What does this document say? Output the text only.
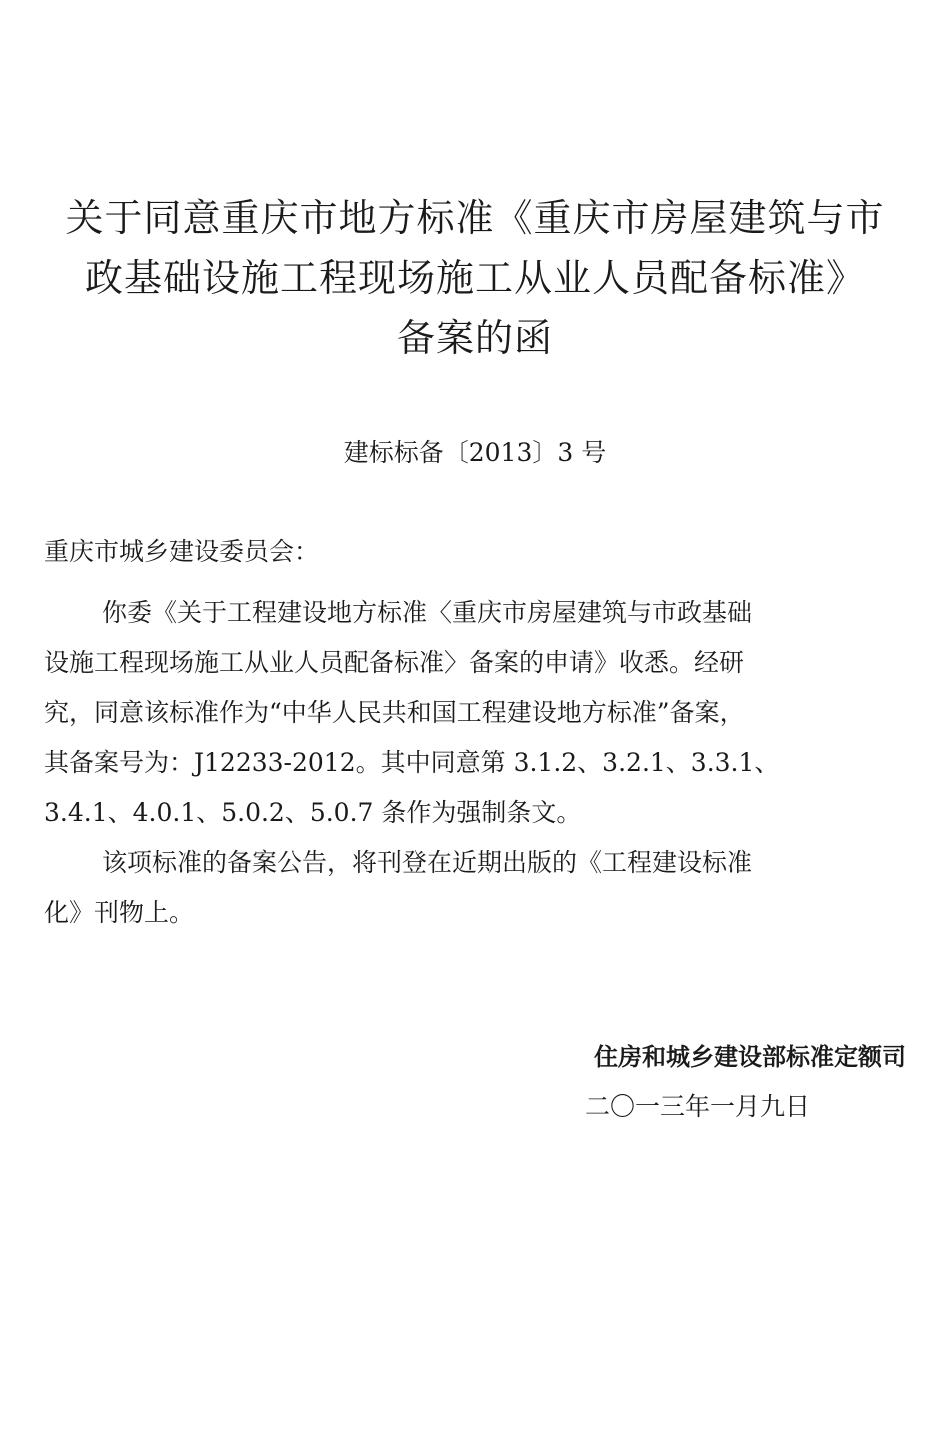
关于同意重庆市地方标准《重庆市房屋建筑与市
政基础设施工程现场施工从业人员配备标准》
备案的函
建标标备〔2013〕3 号
重庆市城乡建设委员会：
你委《关于工程建设地方标准〈重庆市房屋建筑与市政基础
设施工程现场施工从业人员配备标准〉备案的申请》收悉。经研
究，同意该标准作为“中华人民共和国工程建设地方标准”备案，
其备案号为：J12233-2012。其中同意第 3.1.2、3.2.1、3.3.1、
3.4.1、4.0.1、5.0.2、5.0.7 条作为强制条文。
该项标准的备案公告，将刊登在近期出版的《工程建设标准
化》刊物上。
住房和城乡建设部标准定额司
二〇一三年一月九日
